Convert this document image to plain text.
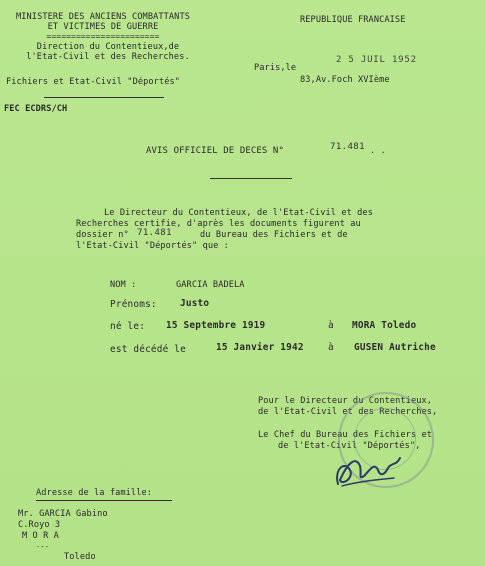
MINISTERE DES ANCIENS COMBATTANTS
ET VICTIMES DE GUERRE
=======================
Direction du Contentieux,de
l'Etat-Civil et des Recherches.
Fichiers et Etat-Civil "Déportés"
FEC ECDRS/CH
REPUBLIQUE FRANCAISE
Paris,le
2 5 JUIL 1952
83,Av.Foch XVIème
AVIS OFFICIEL DE DECES N°	71.481 . .
Le Directeur du Contentieux, de l'Etat-Civil et des
Recherches certifie, d'après les documents figurent au
dossier n° 71.481	du Bureau des Fichiers et de
l'Etat-Civil "Déportés" que :
NOM :	GARCIA BADELA
Prénoms: Justo
né le: 15 Septembre 1919	à MORA Toledo
est décédé le	15 Janvier 1942	à GUSEN Autriche
Pour le Directeur du Contentieux,
de l'Etat-Civil et des Recherches,
Le Chef du Bureau des Fichiers et
de l'Etat-Civil "Déportés",
Adresse de la famille:
Mr. GARCIA Gabino
C.Royo 3
M O R A
---
Toledo
